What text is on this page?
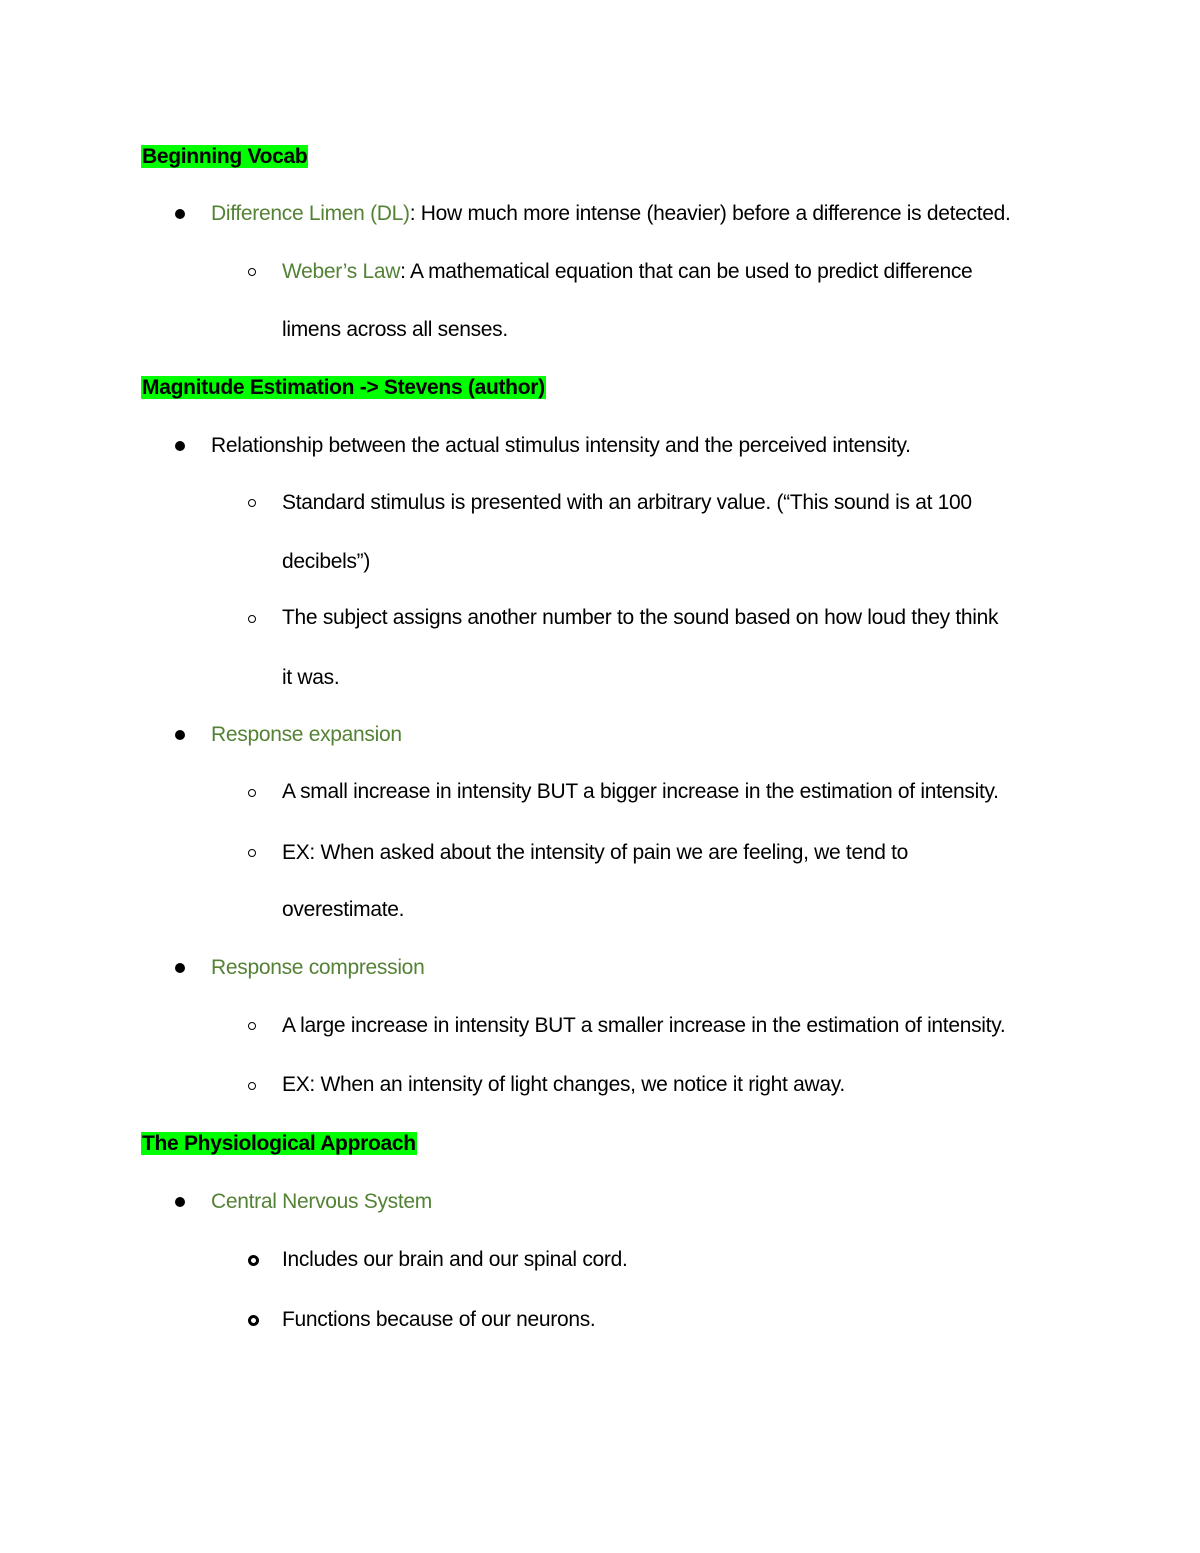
Beginning Vocab
Difference Limen (DL): How much more intense (heavier) before a difference is detected.
Weber’s Law: A mathematical equation that can be used to predict difference
limens across all senses.
Magnitude Estimation -> Stevens (author)
Relationship between the actual stimulus intensity and the perceived intensity.
Standard stimulus is presented with an arbitrary value. (“This sound is at 100
decibels”)
The subject assigns another number to the sound based on how loud they think
it was.
Response expansion
A small increase in intensity BUT a bigger increase in the estimation of intensity.
EX: When asked about the intensity of pain we are feeling, we tend to
overestimate.
Response compression
A large increase in intensity BUT a smaller increase in the estimation of intensity.
EX: When an intensity of light changes, we notice it right away.
The Physiological Approach
Central Nervous System
Includes our brain and our spinal cord.
Functions because of our neurons.
